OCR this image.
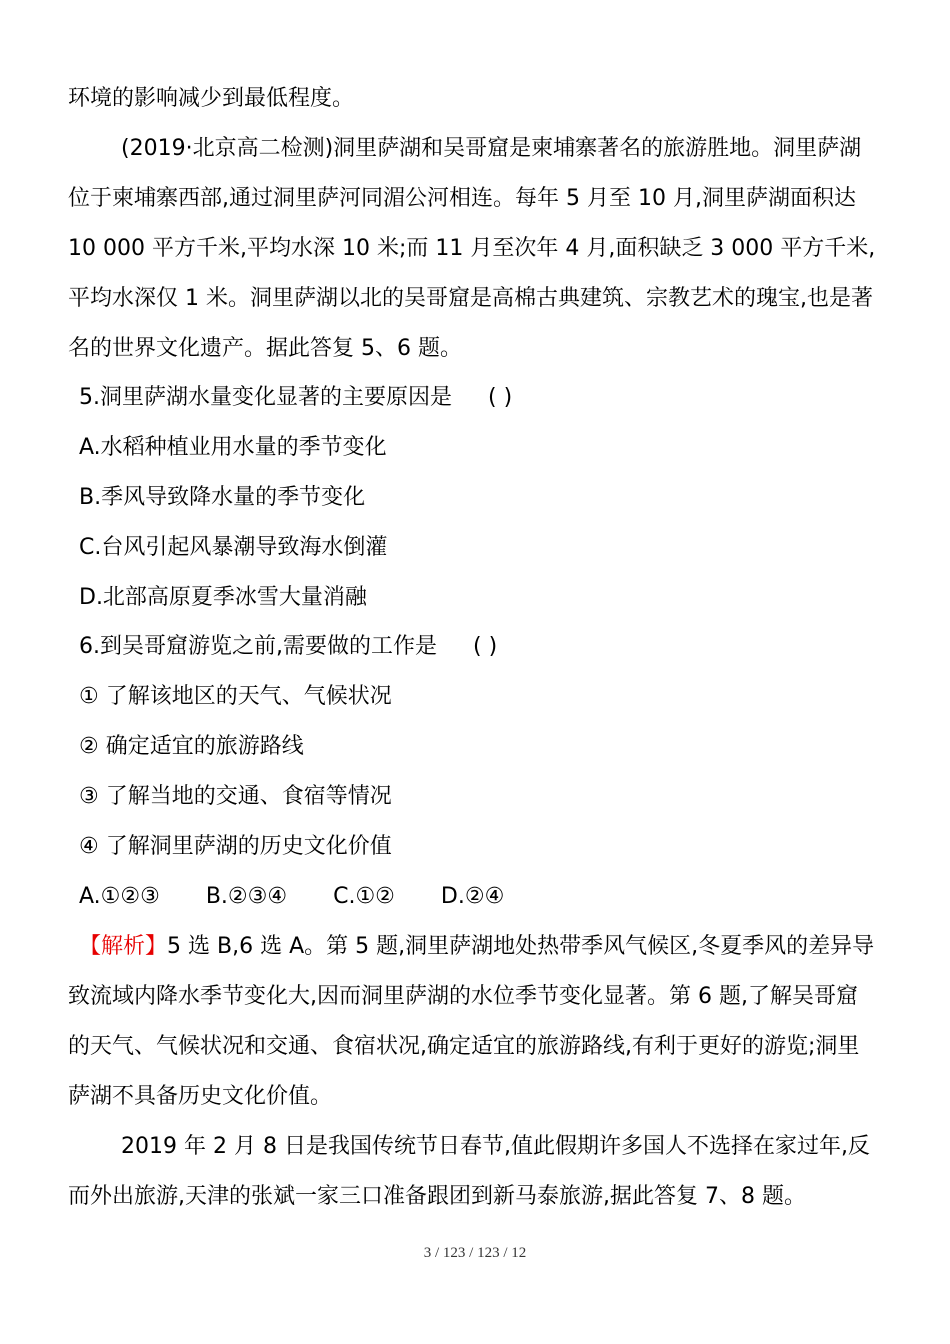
环境的影响减少到最低程度。
(2019·北京高二检测)洞里萨湖和吴哥窟是柬埔寨著名的旅游胜地。洞里萨湖
位于柬埔寨西部,通过洞里萨河同湄公河相连。每年 5 月至 10 月,洞里萨湖面积达
10 000 平方千米,平均水深 10 米;而 11 月至次年 4 月,面积缺乏 3 000 平方千米,
平均水深仅 1 米。洞里萨湖以北的吴哥窟是高棉古典建筑、宗教艺术的瑰宝,也是著
名的世界文化遗产。据此答复 5、6 题。
5.洞里萨湖水量变化显著的主要原因是 ( )
A.水稻种植业用水量的季节变化
B.季风导致降水量的季节变化
C.台风引起风暴潮导致海水倒灌
D.北部高原夏季冰雪大量消融
6.到吴哥窟游览之前,需要做的工作是 ( )
① 了解该地区的天气、气候状况
② 确定适宜的旅游路线
③ 了解当地的交通、食宿等情况
④ 了解洞里萨湖的历史文化价值
A.①②③ B.②③④ C.①② D.②④
【解析】5 选 B,6 选 A。第 5 题,洞里萨湖地处热带季风气候区,冬夏季风的差异导
致流域内降水季节变化大,因而洞里萨湖的水位季节变化显著。第 6 题,了解吴哥窟
的天气、气候状况和交通、食宿状况,确定适宜的旅游路线,有利于更好的游览;洞里
萨湖不具备历史文化价值。
2019 年 2 月 8 日是我国传统节日春节,值此假期许多国人不选择在家过年,反
而外出旅游,天津的张斌一家三口准备跟团到新马泰旅游,据此答复 7、8 题。
3 / 123 / 123 / 12
